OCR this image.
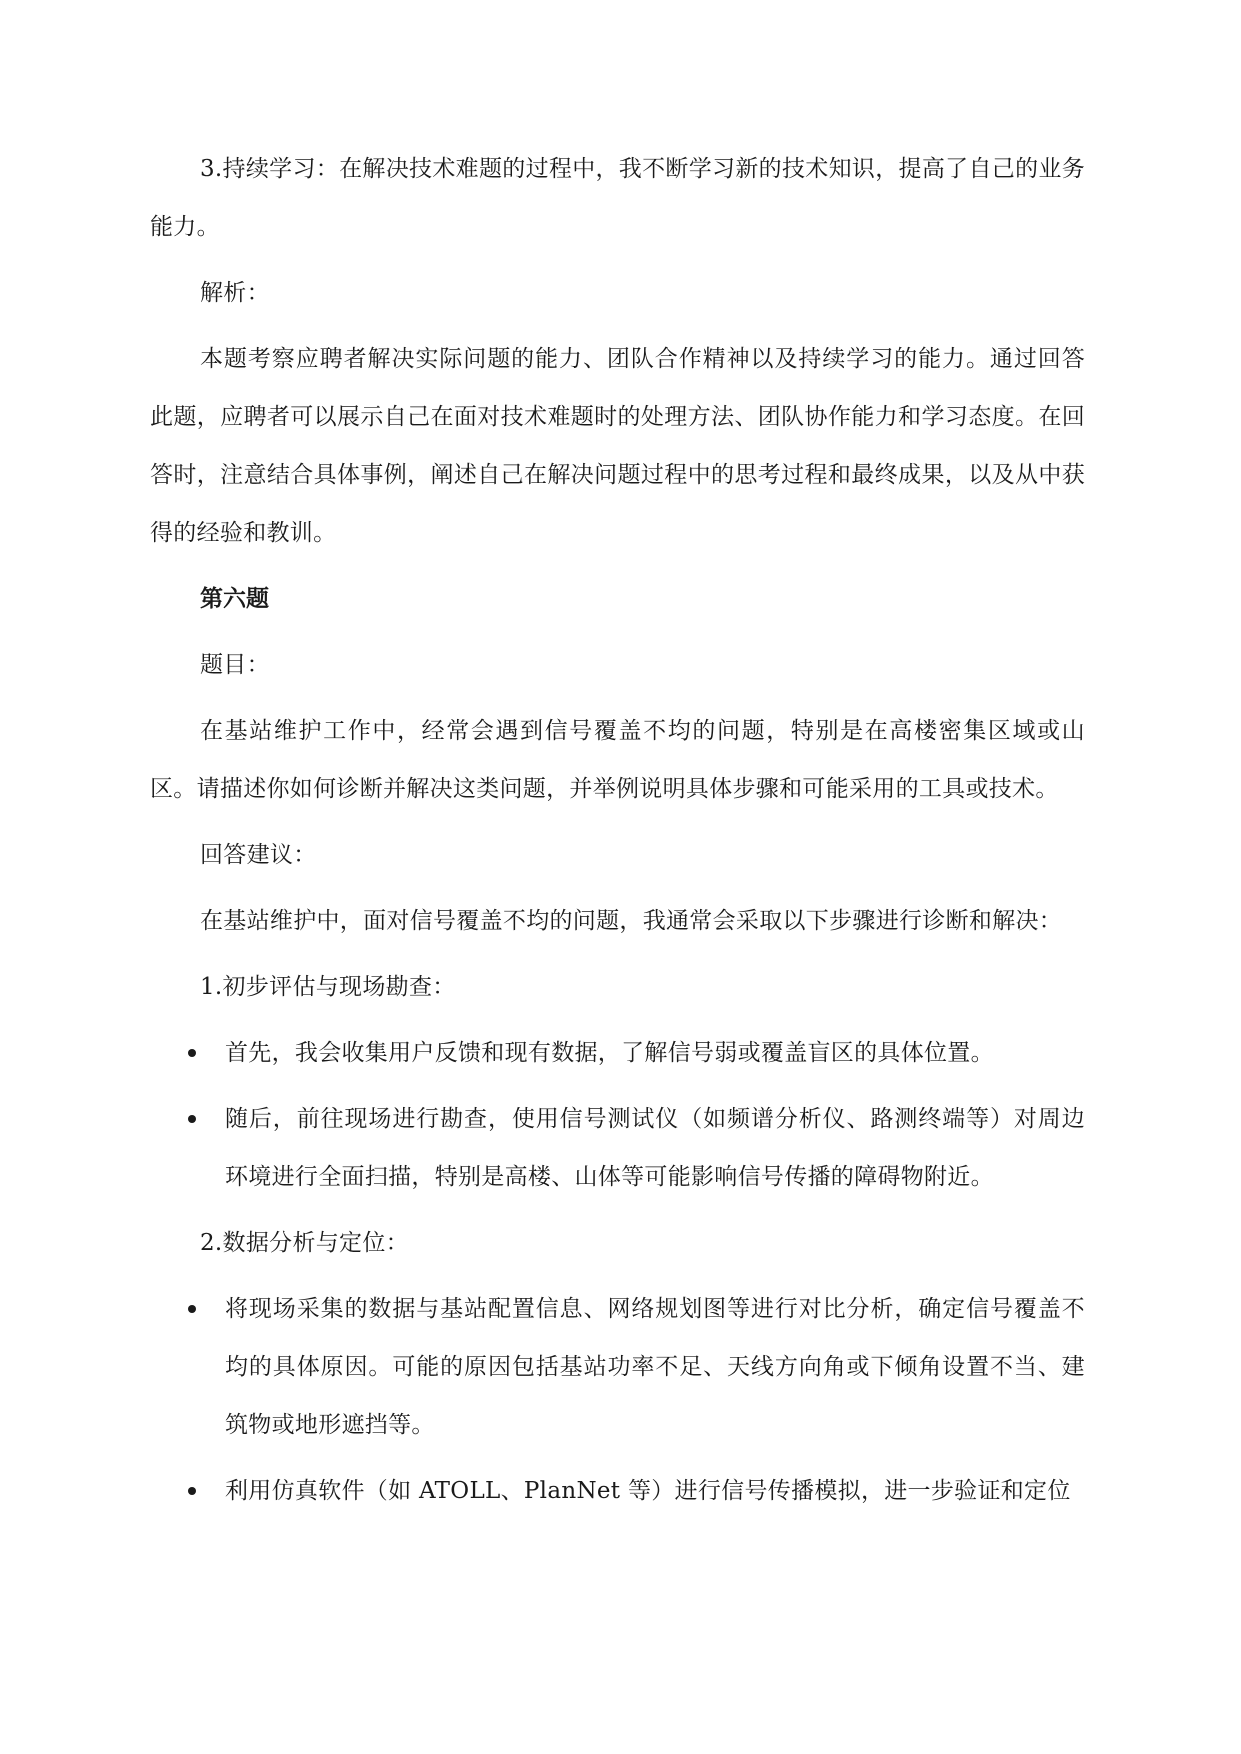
3.持续学习：在解决技术难题的过程中，我不断学习新的技术知识，提高了自己的业务能力。

解析：

本题考察应聘者解决实际问题的能力、团队合作精神以及持续学习的能力。通过回答此题，应聘者可以展示自己在面对技术难题时的处理方法、团队协作能力和学习态度。在回答时，注意结合具体事例，阐述自己在解决问题过程中的思考过程和最终成果，以及从中获得的经验和教训。

第六题

题目：

在基站维护工作中，经常会遇到信号覆盖不均的问题，特别是在高楼密集区域或山区。请描述你如何诊断并解决这类问题，并举例说明具体步骤和可能采用的工具或技术。

回答建议：

在基站维护中，面对信号覆盖不均的问题，我通常会采取以下步骤进行诊断和解决：

1.初步评估与现场勘查：

首先，我会收集用户反馈和现有数据，了解信号弱或覆盖盲区的具体位置。
随后，前往现场进行勘查，使用信号测试仪（如频谱分析仪、路测终端等）对周边环境进行全面扫描，特别是高楼、山体等可能影响信号传播的障碍物附近。

2.数据分析与定位：

将现场采集的数据与基站配置信息、网络规划图等进行对比分析，确定信号覆盖不均的具体原因。可能的原因包括基站功率不足、天线方向角或下倾角设置不当、建筑物或地形遮挡等。
利用仿真软件（如 ATOLL、PlanNet 等）进行信号传播模拟，进一步验证和定位
